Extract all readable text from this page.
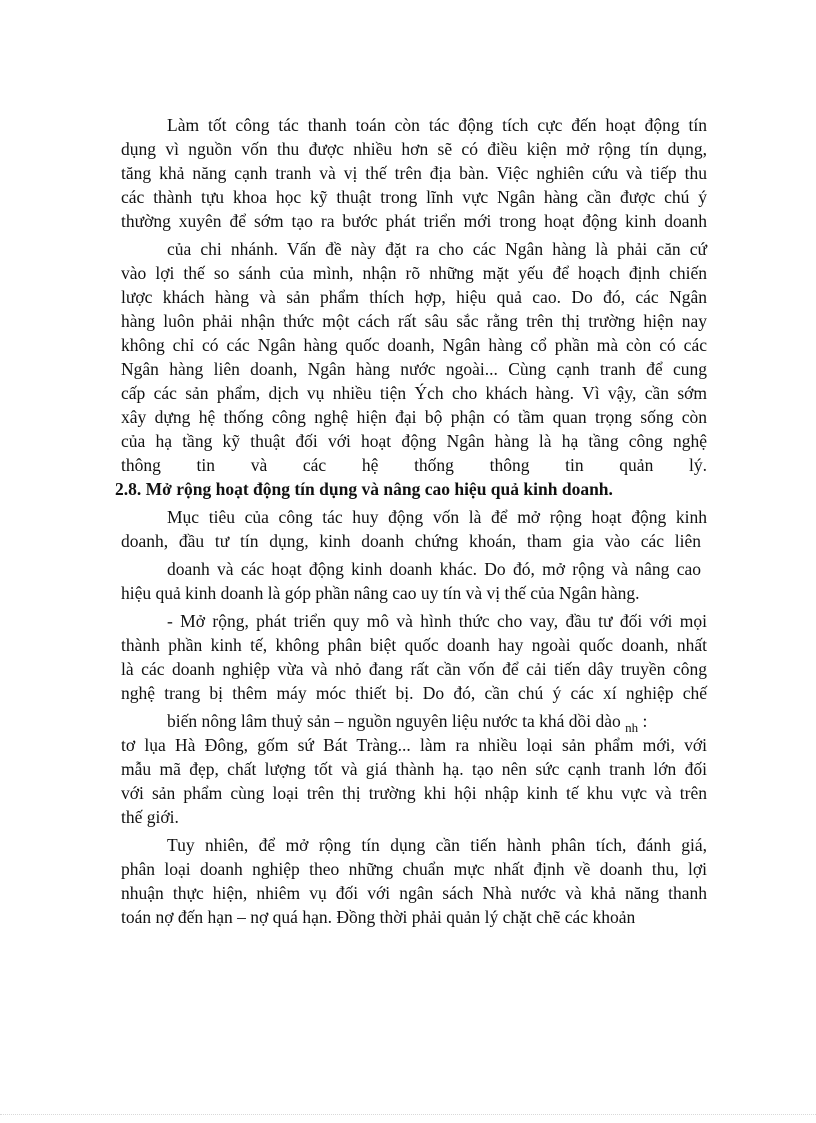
Làm tốt công tác thanh toán còn tác động tích cực đến hoạt động tín
dụng vì nguồn vốn thu được nhiều hơn sẽ có điều kiện mở rộng tín dụng,
tăng khả năng cạnh tranh và vị thế trên địa bàn. Việc nghiên cứu và tiếp thu
các thành tựu khoa học kỹ thuật trong lĩnh vực Ngân hàng cần được chú ý
thường xuyên để sớm tạo ra bước phát triển mới trong hoạt động kinh doanh
của chi nhánh. Vấn đề này đặt ra cho các Ngân hàng là phải căn cứ
vào lợi thế so sánh của mình, nhận rõ những mặt yếu để hoạch định chiến
lược khách hàng và sản phẩm thích hợp, hiệu quả cao. Do đó, các Ngân
hàng luôn phải nhận thức một cách rất sâu sắc rằng trên thị trường hiện nay
không chỉ có các Ngân hàng quốc doanh, Ngân hàng cổ phần mà còn có các
Ngân hàng liên doanh, Ngân hàng nước ngoài... Cùng cạnh tranh để cung
cấp các sản phẩm, dịch vụ nhiều tiện Ých cho khách hàng. Vì vậy, cần sớm
xây dựng hệ thống công nghệ hiện đại bộ phận có tầm quan trọng sống còn
của hạ tầng kỹ thuật đối với hoạt động Ngân hàng là hạ tầng công nghệ
thông tin và các hệ thống thông tin quản lý.
2.8. Mở rộng hoạt động tín dụng và nâng cao hiệu quả kinh doanh.
Mục tiêu của công tác huy động vốn là để mở rộng hoạt động kinh
doanh, đầu tư tín dụng, kinh doanh chứng khoán, tham gia vào các liên
doanh và các hoạt động kinh doanh khác. Do đó, mở rộng và nâng cao
hiệu quả kinh doanh là góp phần nâng cao uy tín và vị thế của Ngân hàng.
- Mở rộng, phát triển quy mô và hình thức cho vay, đầu tư đối với mọi
thành phần kinh tế, không phân biệt quốc doanh hay ngoài quốc doanh, nhất
là các doanh nghiệp vừa và nhỏ đang rất cần vốn để cải tiến dây truyền công
nghệ trang bị thêm máy móc thiết bị. Do đó, cần chú ý các xí nghiệp chế
biến nông lâm thuỷ sản – nguồn nguyên liệu nước ta khá dồi dào $_{nh}$ :
tơ lụa Hà Đông, gốm sứ Bát Tràng... làm ra nhiều loại sản phẩm mới, với
mẫu mã đẹp, chất lượng tốt và giá thành hạ. tạo nên sức cạnh tranh lớn đối
với sản phẩm cùng loại trên thị trường khi hội nhập kinh tế khu vực và trên
thế giới.
Tuy nhiên, để mở rộng tín dụng cần tiến hành phân tích, đánh giá,
phân loại doanh nghiệp theo những chuẩn mực nhất định về doanh thu, lợi
nhuận thực hiện, nhiêm vụ đối với ngân sách Nhà nước và khả năng thanh
toán nợ đến hạn – nợ quá hạn. Đồng thời phải quản lý chặt chẽ các khoản
